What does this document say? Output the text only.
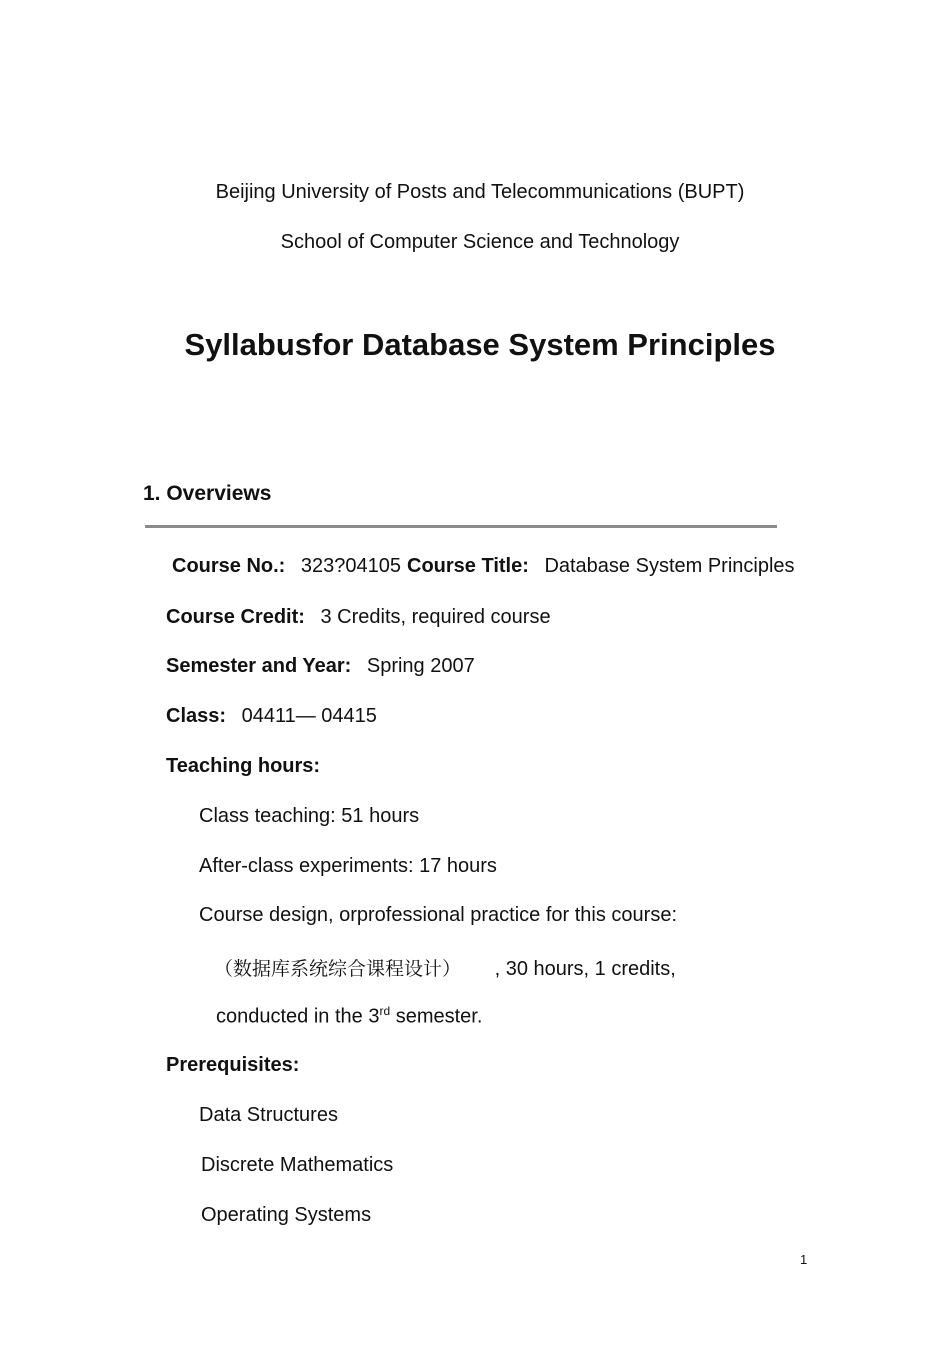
Beijing University of Posts and Telecommunications (BUPT)
School of Computer Science and Technology
Syllabusfor Database System Principles
1. Overviews
Course No.: 323?04105 Course Title: Database System Principles
Course Credit: 3 Credits, required course
Semester and Year: Spring 2007
Class: 04411— 04415
Teaching hours:
Class teaching: 51 hours
After-class experiments: 17 hours
Course design, orprofessional practice for this course:
（数据库系统综合课程设计） , 30 hours, 1 credits,
conducted in the 3rd semester.
Prerequisites:
Data Structures
Discrete Mathematics
Operating Systems
1
